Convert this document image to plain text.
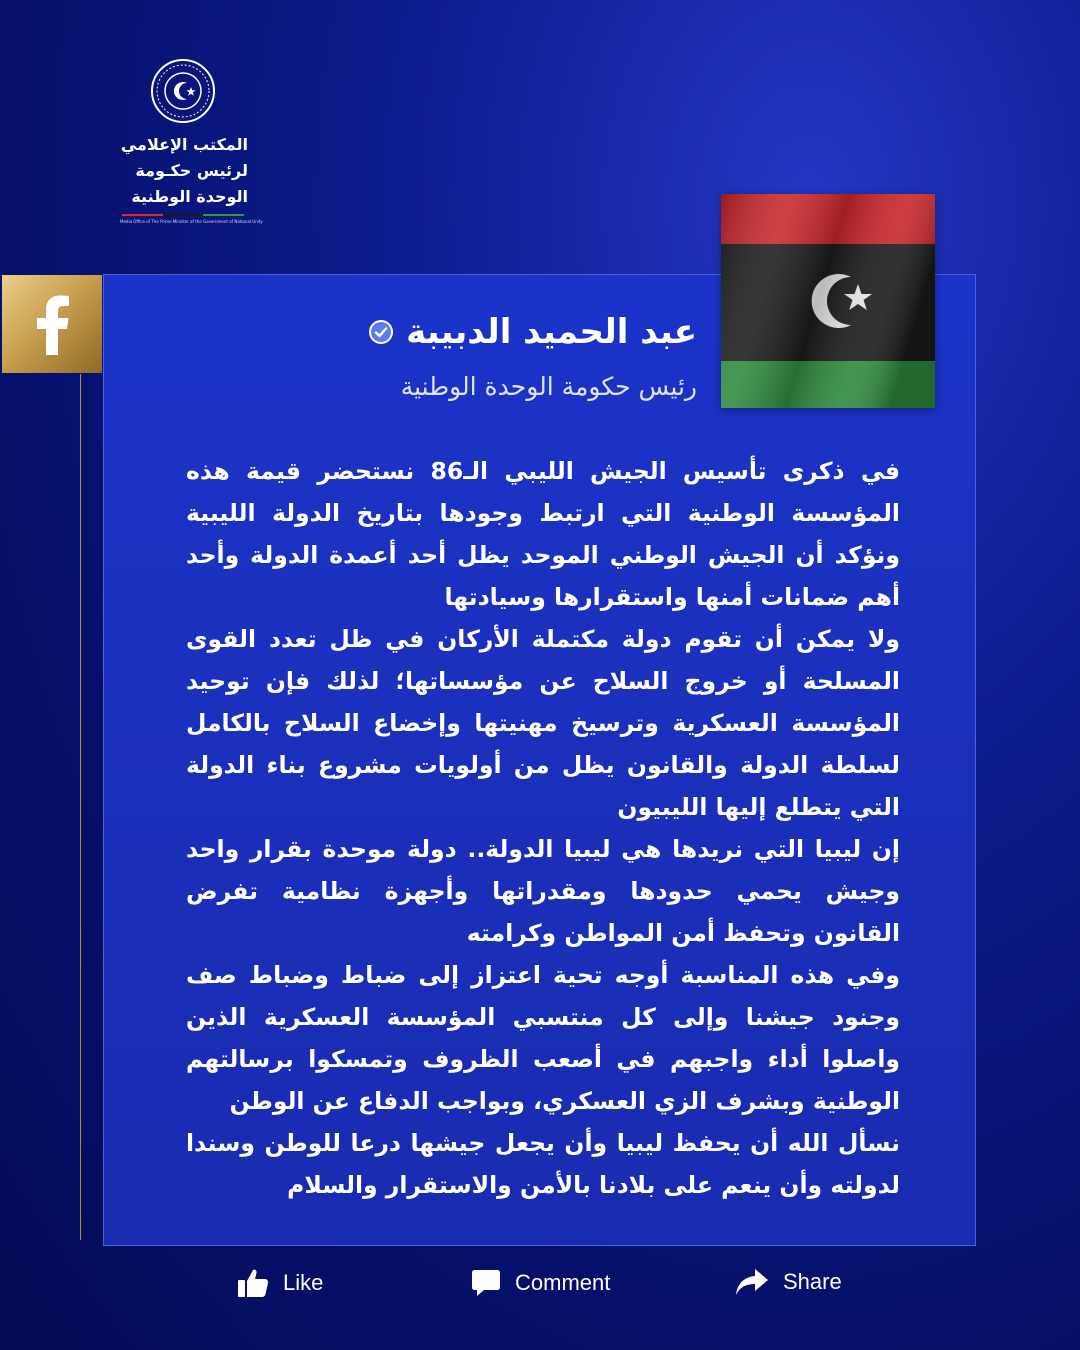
المكتب الإعلامي
لرئيس حكـومة
الوحدة الوطنية
Media Office of The Prime Minister of the Government of National Unity
عبد الحميد الدبيبة
رئيس حكومة الوحدة الوطنية

في ذكرى تأسيس الجيش الليبي الـ86 نستحضر قيمة هذه المؤسسة الوطنية التي ارتبط وجودها بتاريخ الدولة الليبية ونؤكد أن الجيش الوطني الموحد يظل أحد أعمدة الدولة وأحد أهم ضمانات أمنها واستقرارها وسيادتها

ولا يمكن أن تقوم دولة مكتملة الأركان في ظل تعدد القوى المسلحة أو خروج السلاح عن مؤسساتها؛ لذلك فإن توحيد المؤسسة العسكرية وترسيخ مهنيتها وإخضاع السلاح بالكامل لسلطة الدولة والقانون يظل من أولويات مشروع بناء الدولة التي يتطلع إليها الليبيون

إن ليبيا التي نريدها هي ليبيا الدولة.. دولة موحدة بقرار واحد وجيش يحمي حدودها ومقدراتها وأجهزة نظامية تفرض القانون وتحفظ أمن المواطن وكرامته

وفي هذه المناسبة أوجه تحية اعتزاز إلى ضباط وضباط صف وجنود جيشنا وإلى كل منتسبي المؤسسة العسكرية الذين واصلوا أداء واجبهم في أصعب الظروف وتمسكوا برسالتهم الوطنية وبشرف الزي العسكري، وبواجب الدفاع عن الوطن

نسأل الله أن يحفظ ليبيا وأن يجعل جيشها درعا للوطن وسندا لدولته وأن ينعم على بلادنا بالأمن والاستقرار والسلام

Like	Comment	Share
